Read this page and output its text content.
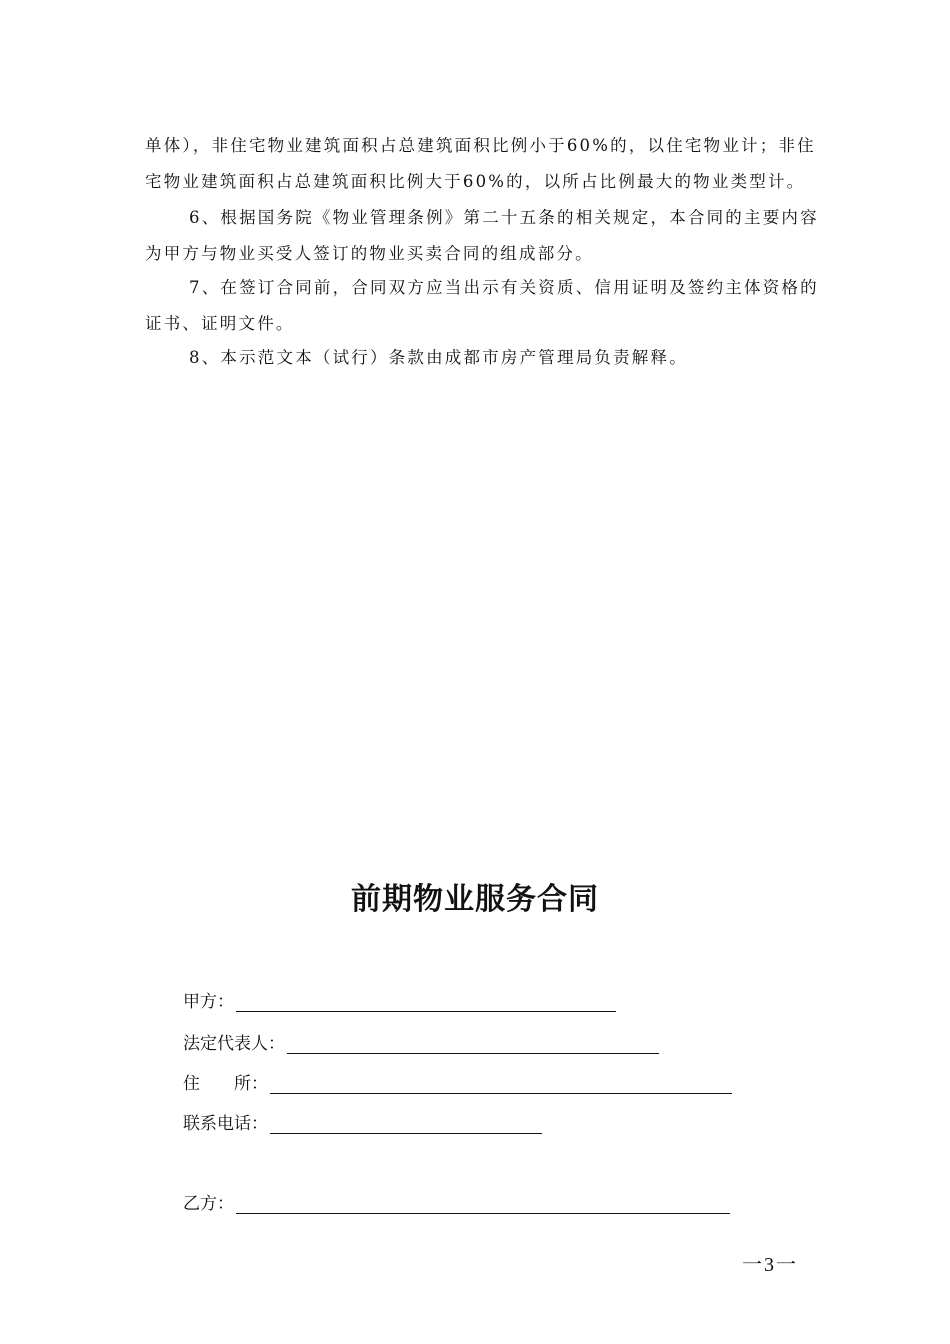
单体），非住宅物业建筑面积占总建筑面积比例小于60%的，以住宅物业计；非住
宅物业建筑面积占总建筑面积比例大于60%的，以所占比例最大的物业类型计。
6、根据国务院《物业管理条例》第二十五条的相关规定，本合同的主要内容
为甲方与物业买受人签订的物业买卖合同的组成部分。
7、在签订合同前，合同双方应当出示有关资质、信用证明及签约主体资格的
证书、证明文件。
8、本示范文本（试行）条款由成都市房产管理局负责解释。
前期物业服务合同
甲方：
法定代表人：
住　　所：
联系电话：
乙方：
一3一
